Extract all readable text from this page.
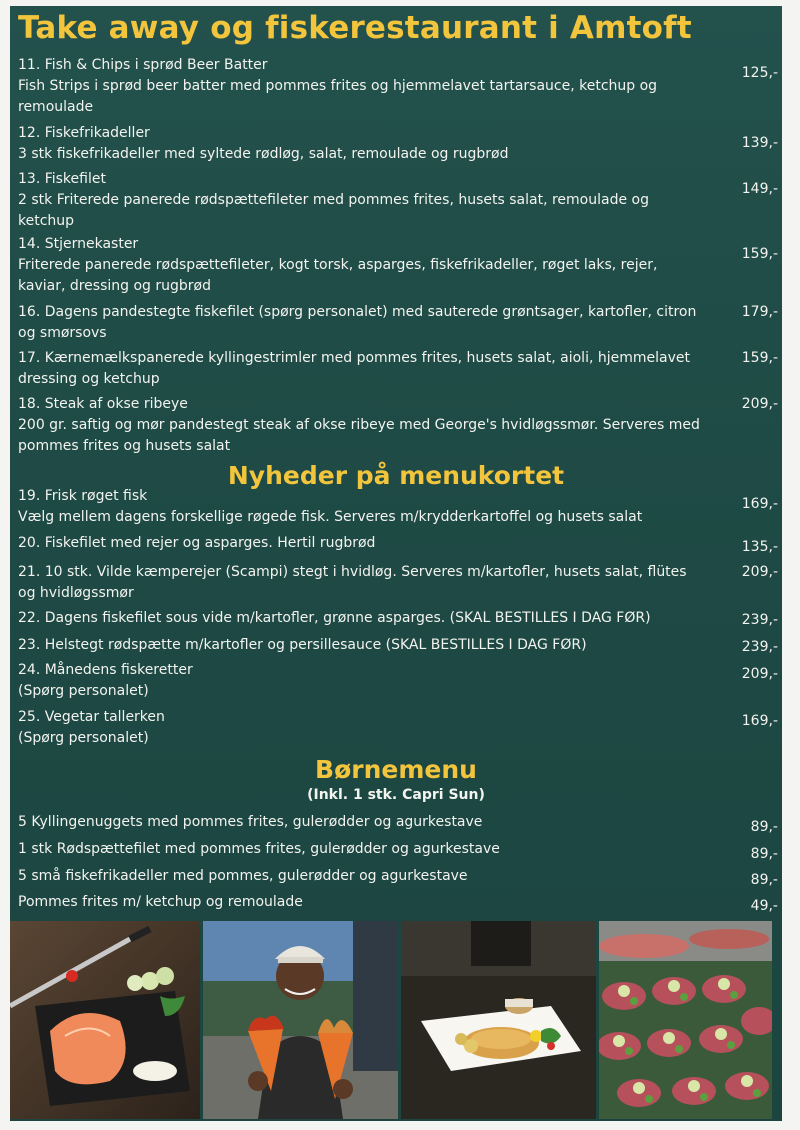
Take away og fiskerestaurant i Amtoft
11. Fish & Chips i sprød Beer Batter
Fish Strips i sprød beer batter med pommes frites og hjemmelavet tartarsauce, ketchup og remoulade
125,-
12. Fiskefrikadeller
3 stk fiskefrikadeller med syltede rødløg, salat, remoulade og rugbrød
139,-
13. Fiskefilet
2 stk Friterede panerede rødspættefileter med pommes frites, husets salat, remoulade og ketchup
149,-
14. Stjernekaster
Friterede panerede rødspættefileter, kogt torsk, asparges, fiskefrikadeller, røget laks, rejer, kaviar, dressing og rugbrød
159,-
16. Dagens pandestegte fiskefilet (spørg personalet) med sauterede grøntsager, kartofler, citron og smørsovs
179,-
17. Kærnemælkspanerede kyllingestrimler med pommes frites, husets salat, aioli, hjemmelavet dressing og ketchup
159,-
18. Steak af okse ribeye
200 gr. saftig og mør pandestegt steak af okse ribeye med George's hvidløgssmør. Serveres med pommes frites og husets salat
209,-
Nyheder på menukortet
19. Frisk røget fisk
Vælg mellem dagens forskellige røgede fisk. Serveres m/krydderkartoffel og husets salat
169,-
20. Fiskefilet med rejer og asparges. Hertil rugbrød	135,-
21. 10 stk. Vilde kæmperejer (Scampi) stegt i hvidløg. Serveres m/kartofler, husets salat, flütes og hvidløgssmør
209,-
22. Dagens fiskefilet sous vide m/kartofler, grønne asparges. (SKAL BESTILLES I DAG FØR)	239,-
23. Helstegt rødspætte m/kartofler og persillesauce (SKAL BESTILLES I DAG FØR)	239,-
24. Månedens fiskeretter
(Spørg personalet)
209,-
25. Vegetar tallerken
(Spørg personalet)
169,-
Børnemenu
(Inkl. 1 stk. Capri Sun)
5 Kyllingenuggets med pommes frites, gulerødder og agurkestave	89,-
1 stk Rødspættefilet med pommes frites, gulerødder og agurkestave	89,-
5 små fiskefrikadeller med pommes, gulerødder og agurkestave	89,-
Pommes frites m/ ketchup og remoulade	49,-
